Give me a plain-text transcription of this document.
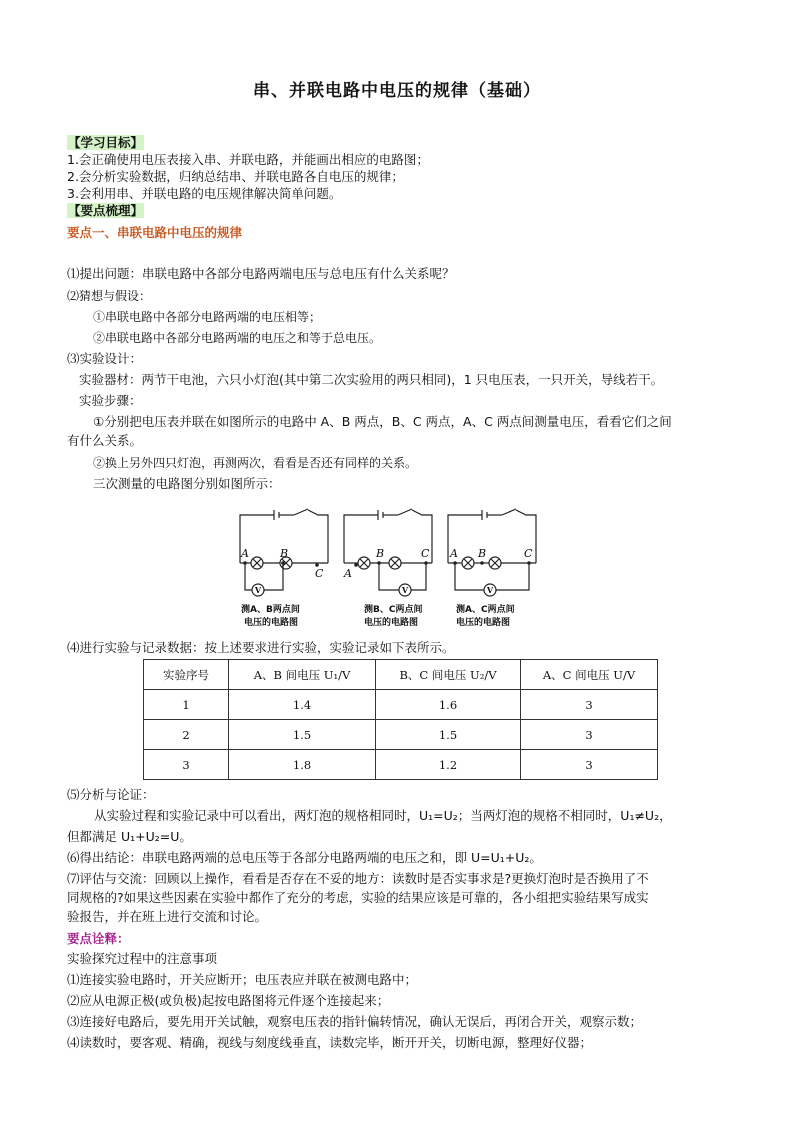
串、并联电路中电压的规律（基础）
【学习目标】
1.会正确使用电压表接入串、并联电路，并能画出相应的电路图；
2.会分析实验数据，归纳总结串、并联电路各自电压的规律；
3.会利用串、并联电路的电压规律解决简单问题。
【要点梳理】
要点一、串联电路中电压的规律
⑴提出问题：串联电路中各部分电路两端电压与总电压有什么关系呢？
⑵猜想与假设：
①串联电路中各部分电路两端的电压相等；
②串联电路中各部分电路两端的电压之和等于总电压。
⑶实验设计：
实验器材：两节干电池，六只小灯泡(其中第二次实验用的两只相同)，1 只电压表，一只开关，导线若干。
实验步骤：
①分别把电压表并联在如图所示的电路中 A、B 两点，B、C 两点，A、C 两点间测量电压，看看它们之间
有什么关系。
②换上另外四只灯泡，再测两次，看看是否还有同样的关系。
三次测量的电路图分别如图所示：
A	B
C A
B	C A B	C
V	V	V
测A、B两点间
电压的电路图
测B、C两点间
电压的电路图
测A、C两点间
电压的电路图
⑷进行实验与记录数据：按上述要求进行实验，实验记录如下表所示。
实验序号	A、B 间电压 U₁/V	B、C 间电压 U₂/V	A、C 间电压 U/V
1	1.4	1.6	3
2	1.5	1.5	3
3	1.8	1.2	3
⑸分析与论证：
从实验过程和实验记录中可以看出，两灯泡的规格相同时，U₁=U₂；当两灯泡的规格不相同时，U₁≠U₂，
但都满足 U₁+U₂=U。
⑹得出结论：串联电路两端的总电压等于各部分电路两端的电压之和，即 U=U₁+U₂。
⑺评估与交流：回顾以上操作，看看是否存在不妥的地方：读数时是否实事求是?更换灯泡时是否换用了不
同规格的?如果这些因素在实验中都作了充分的考虑，实验的结果应该是可靠的，各小组把实验结果写成实
验报告，并在班上进行交流和讨论。
要点诠释：
实验探究过程中的注意事项
⑴连接实验电路时，开关应断开；电压表应并联在被测电路中；
⑵应从电源正极(或负极)起按电路图将元件逐个连接起来；
⑶连接好电路后，要先用开关试触，观察电压表的指针偏转情况，确认无误后，再闭合开关，观察示数；
⑷读数时，要客观、精确，视线与刻度线垂直，读数完毕，断开开关，切断电源，整理好仪器；
